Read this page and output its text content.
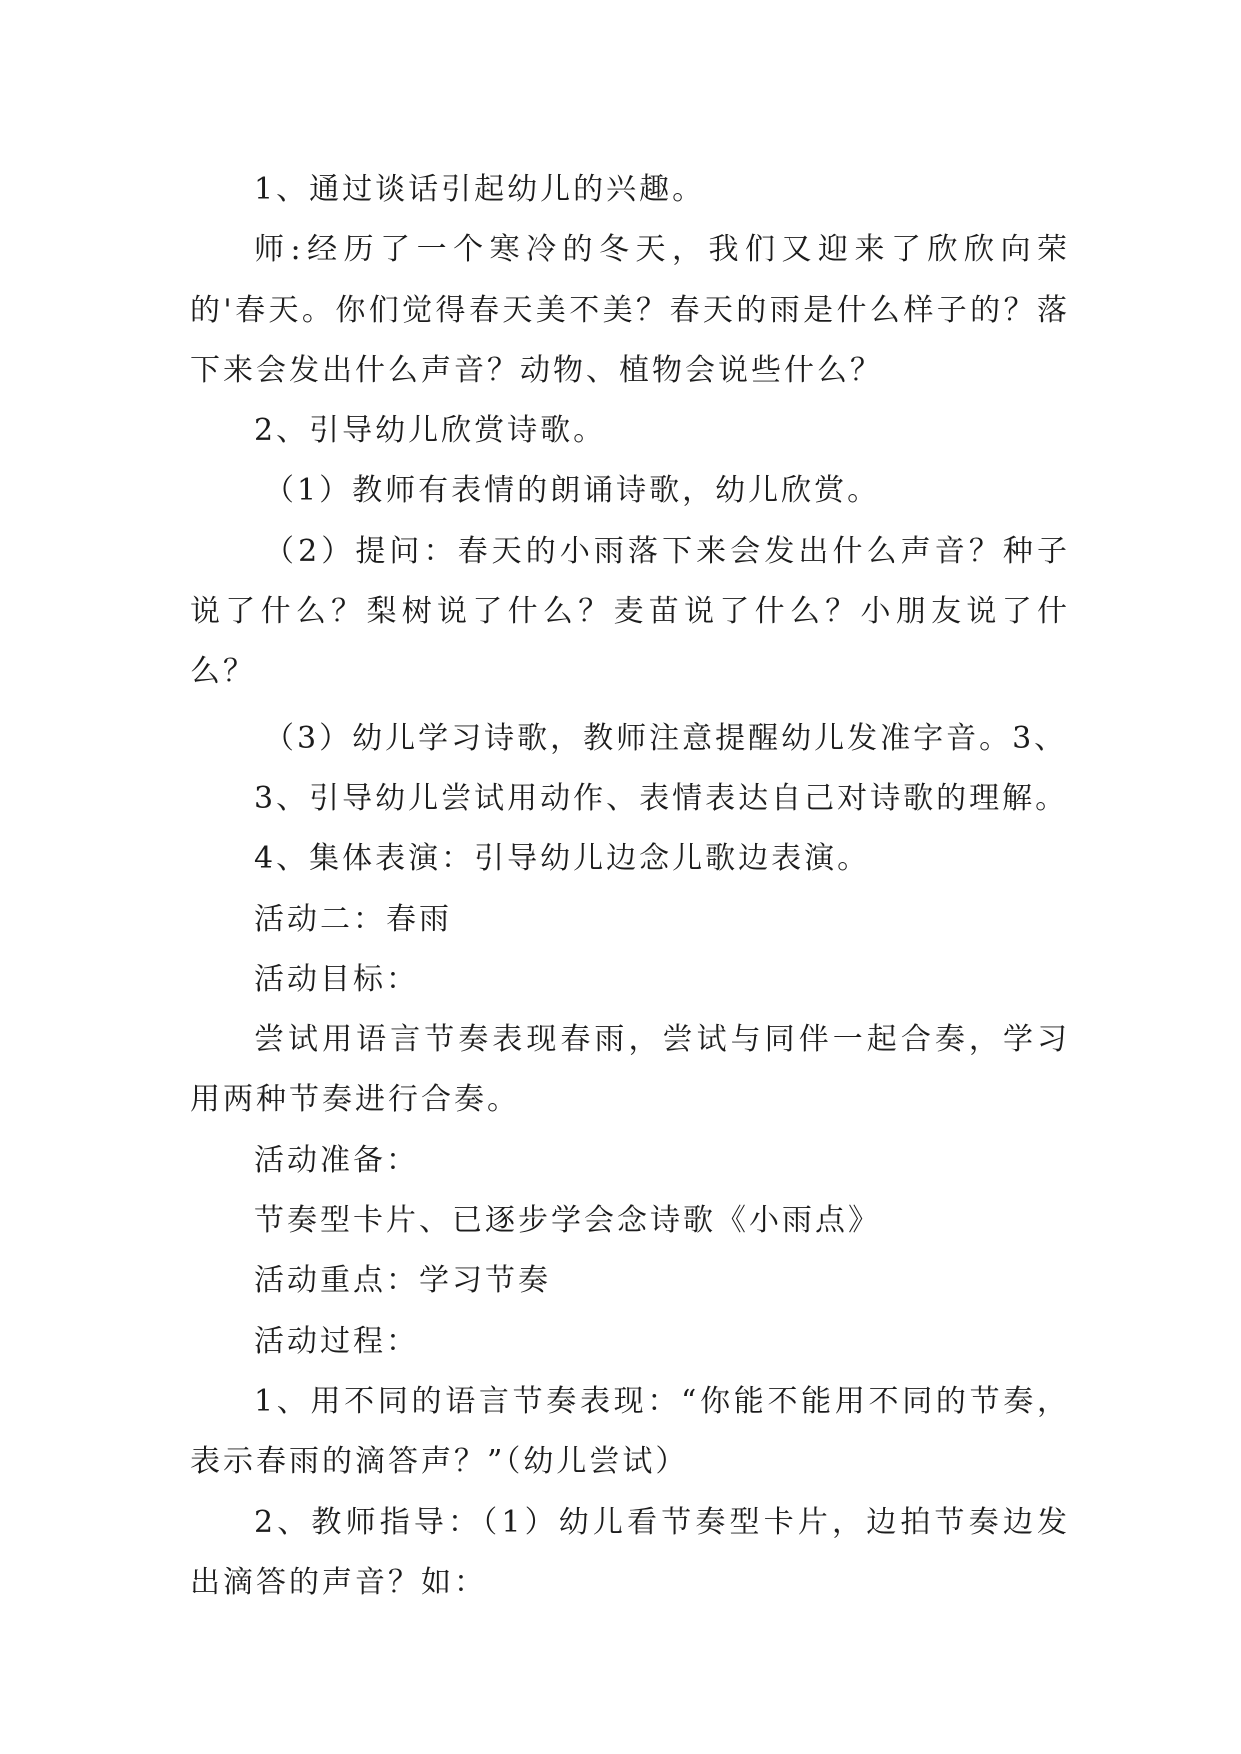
1、通过谈话引起幼儿的兴趣。

师:经历了一个寒冷的冬天，我们又迎来了欣欣向荣的'春天。你们觉得春天美不美？春天的雨是什么样子的？落下来会发出什么声音？动物、植物会说些什么？

2、引导幼儿欣赏诗歌。

（1）教师有表情的朗诵诗歌，幼儿欣赏。

（2）提问：春天的小雨落下来会发出什么声音？种子说了什么？梨树说了什么？麦苗说了什么？小朋友说了什么？

（3）幼儿学习诗歌，教师注意提醒幼儿发准字音。3、

3、引导幼儿尝试用动作、表情表达自己对诗歌的理解。

4、集体表演：引导幼儿边念儿歌边表演。

活动二：春雨

活动目标：

尝试用语言节奏表现春雨，尝试与同伴一起合奏，学习用两种节奏进行合奏。

活动准备：

节奏型卡片、已逐步学会念诗歌《小雨点》

活动重点：学习节奏

活动过程：

1、用不同的语言节奏表现：“你能不能用不同的节奏，表示春雨的滴答声？”（幼儿尝试）

2、教师指导：（1）幼儿看节奏型卡片，边拍节奏边发出滴答的声音？如：
